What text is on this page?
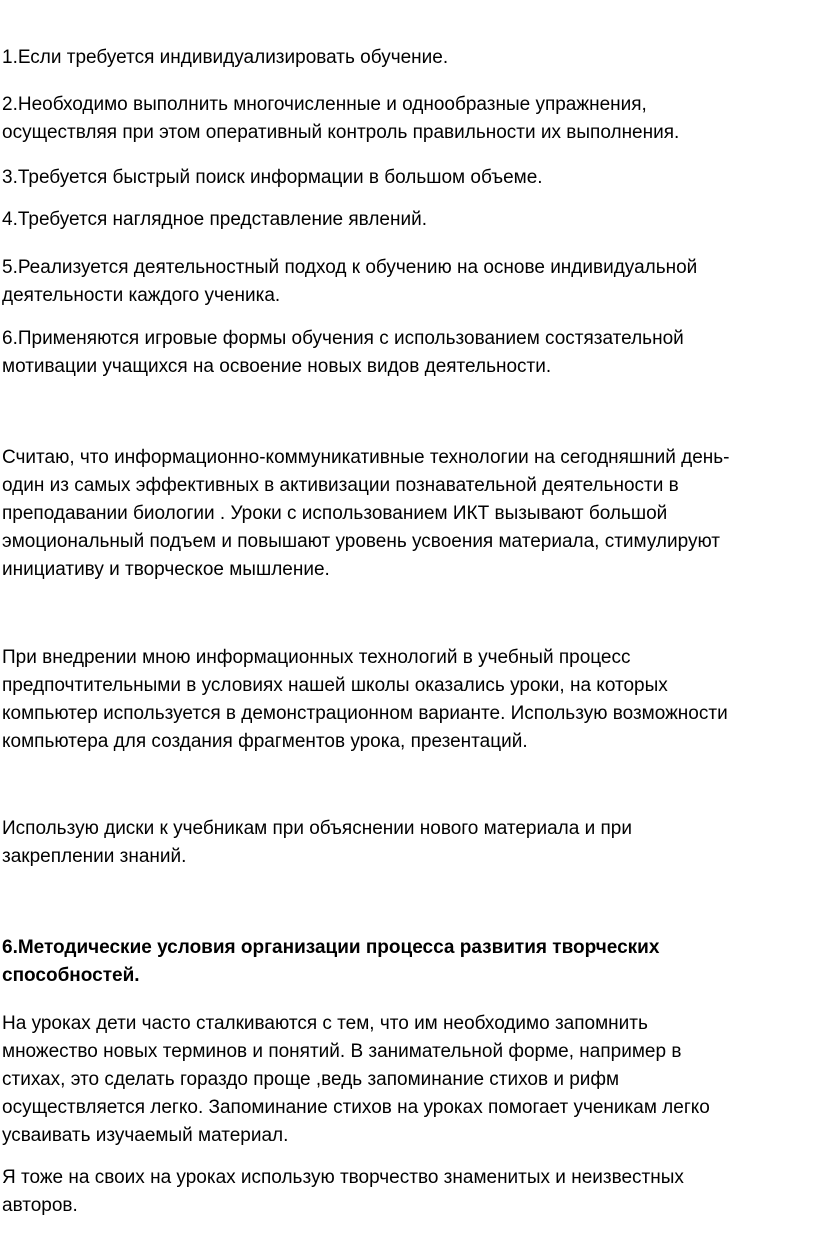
1.Если требуется индивидуализировать обучение.

2.Необходимо выполнить многочисленные и однообразные упражнения,
осуществляя при этом оперативный контроль правильности их выполнения.

3.Требуется быстрый поиск информации в большом объеме.

4.Требуется наглядное представление явлений.

5.Реализуется деятельностный подход к обучению на основе индивидуальной
деятельности каждого ученика.

6.Применяются игровые формы обучения с использованием состязательной
мотивации учащихся на освоение новых видов деятельности.

Считаю, что информационно-коммуникативные технологии на сегодняшний день-
один из самых эффективных в активизации познавательной деятельности в
преподавании биологии . Уроки с использованием ИКТ вызывают большой
эмоциональный подъем и повышают уровень усвоения материала, стимулируют
инициативу и творческое мышление.

При внедрении мною информационных технологий в учебный процесс
предпочтительными в условиях нашей школы оказались уроки, на которых
компьютер используется в демонстрационном варианте. Использую возможности
компьютера для создания фрагментов урока, презентаций.

Использую диски к учебникам при объяснении нового материала и при
закреплении знаний.

6.Методические условия организации процесса развития творческих
способностей.

На уроках дети часто сталкиваются с тем, что им необходимо запомнить
множество новых терминов и понятий. В занимательной форме, например в
стихах, это сделать гораздо проще ,ведь запоминание стихов и рифм
осуществляется легко. Запоминание стихов на уроках помогает ученикам легко
усваивать изучаемый материал.

Я тоже на своих на уроках использую творчество знаменитых и неизвестных
авторов.
